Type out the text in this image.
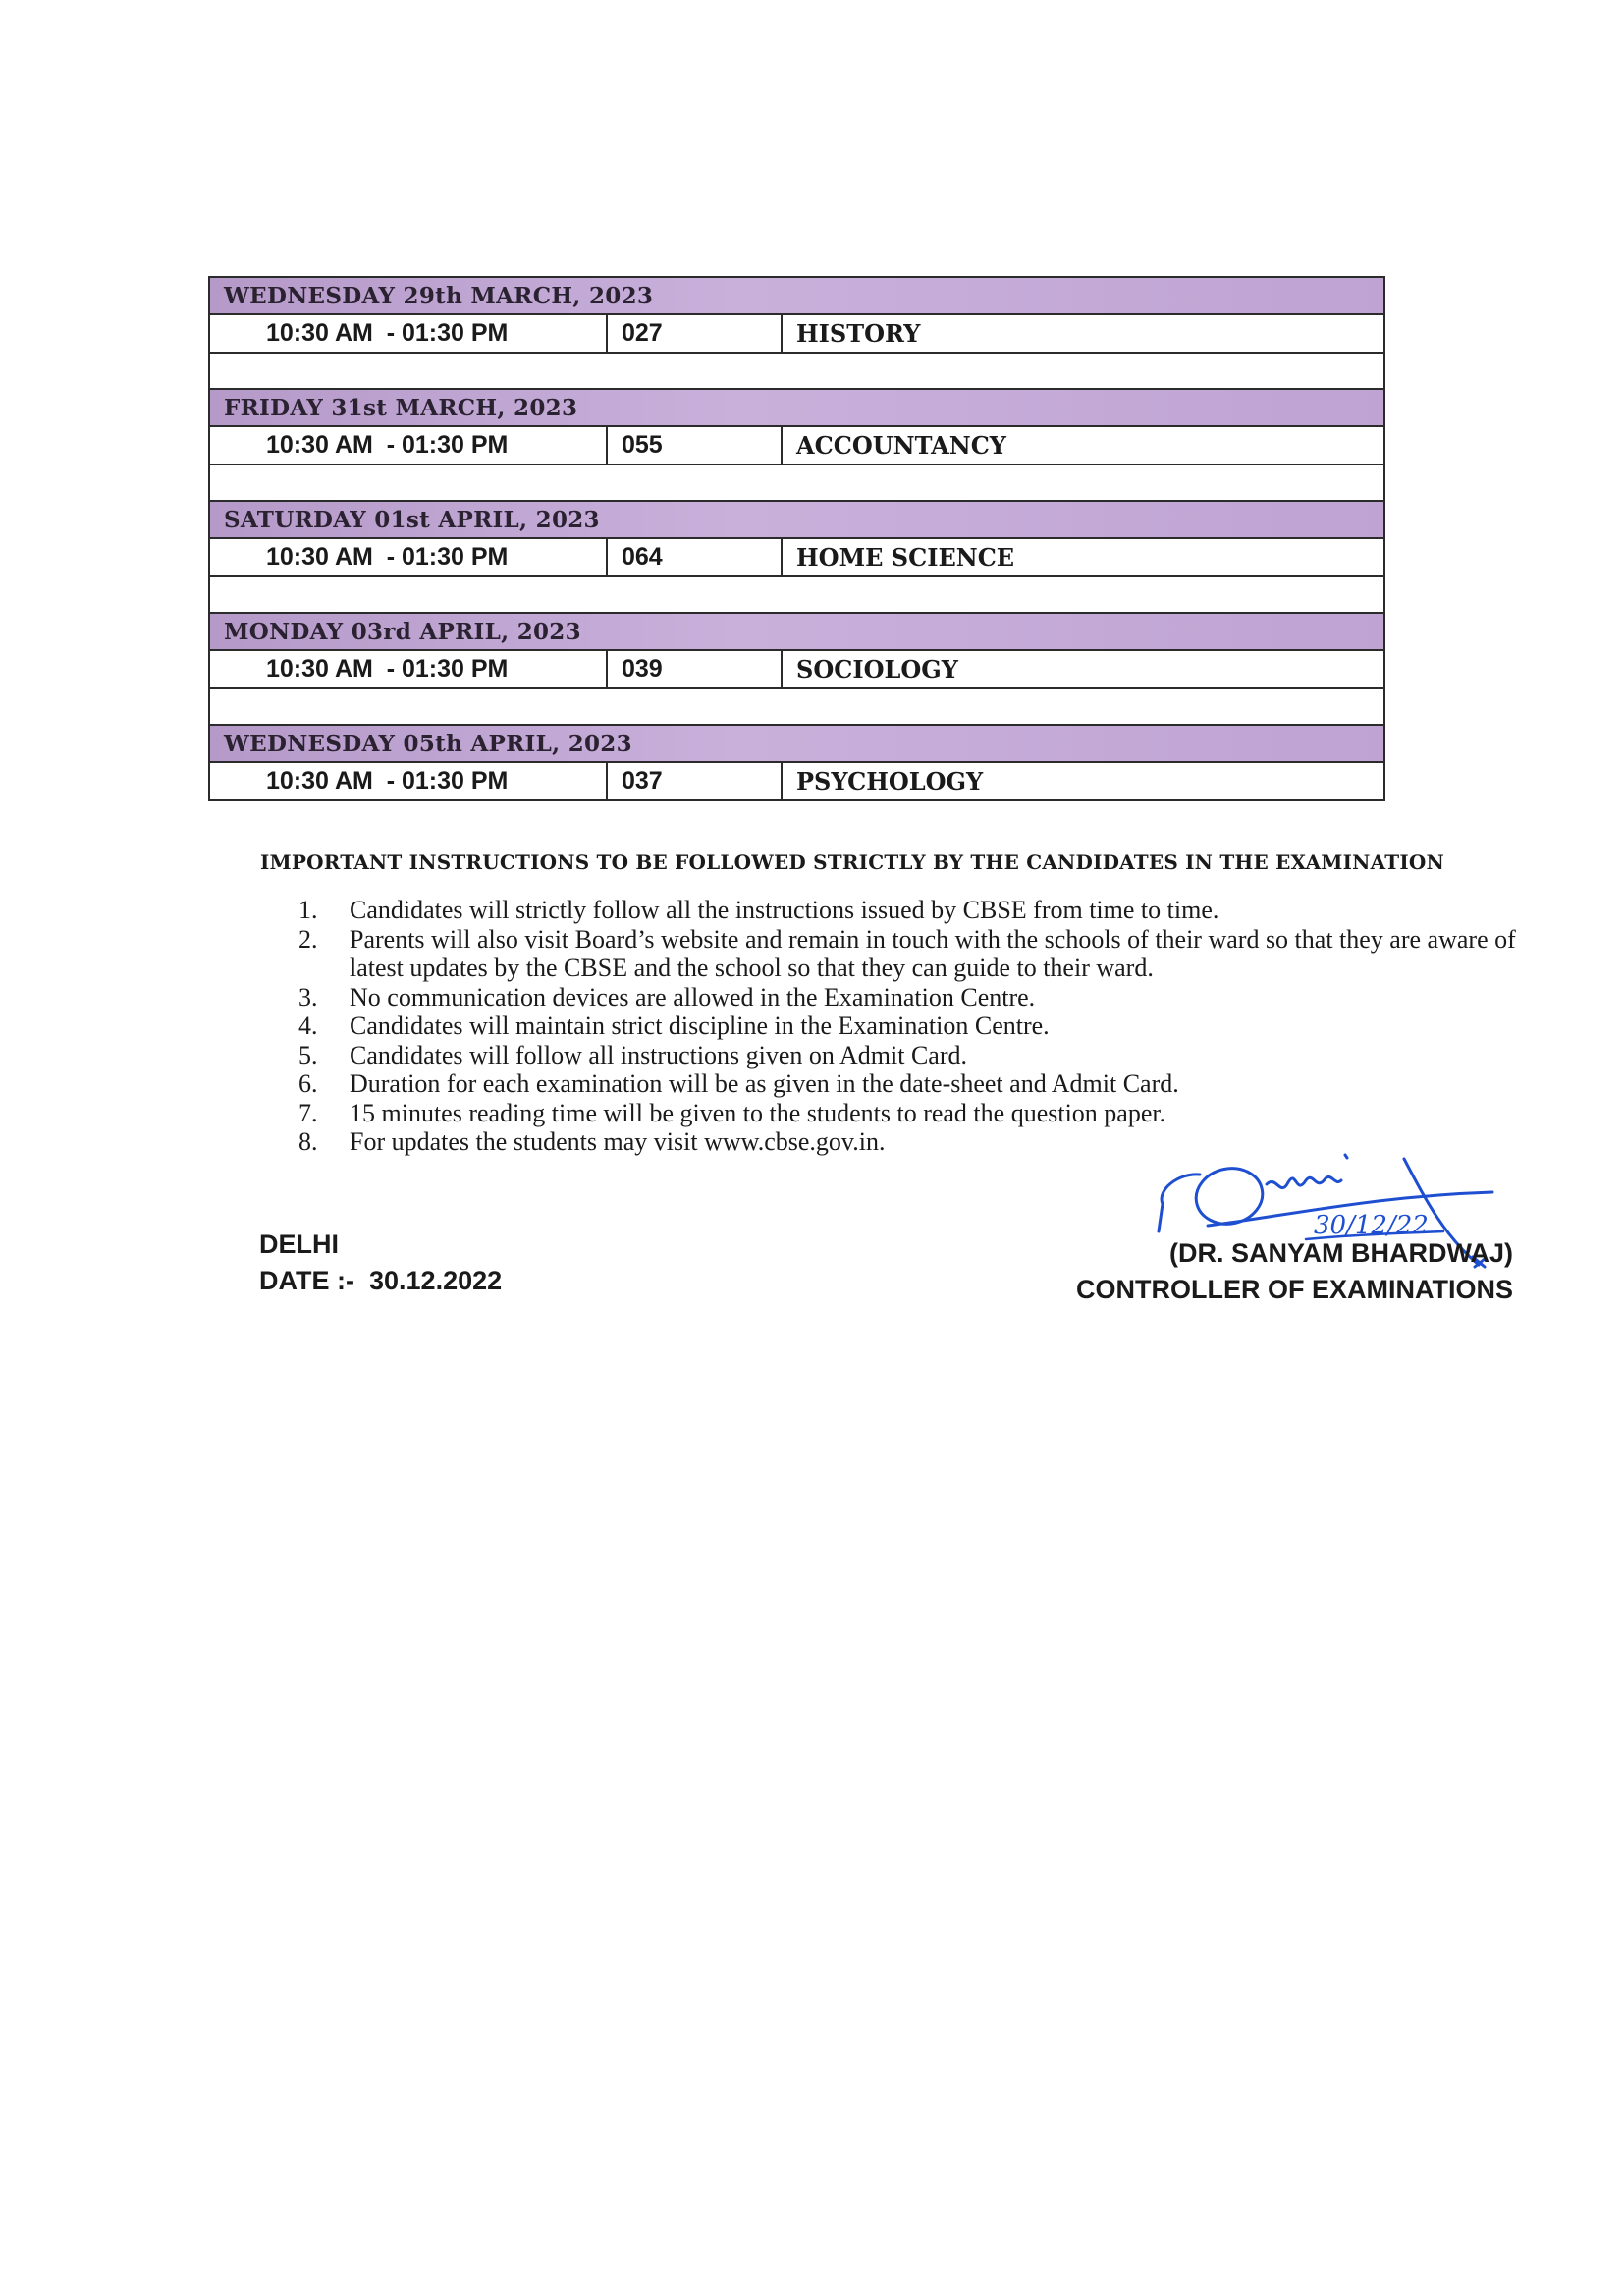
WEDNESDAY 29th MARCH, 2023		
10:30 AM  - 01:30 PM	027	HISTORY

FRIDAY 31st MARCH, 2023		
10:30 AM  - 01:30 PM	055	ACCOUNTANCY

SATURDAY 01st APRIL, 2023		
10:30 AM  - 01:30 PM	064	HOME SCIENCE

MONDAY 03rd APRIL, 2023		
10:30 AM  - 01:30 PM	039	SOCIOLOGY

WEDNESDAY 05th APRIL, 2023		
10:30 AM  - 01:30 PM	037	PSYCHOLOGY
IMPORTANT INSTRUCTIONS TO BE FOLLOWED STRICTLY BY THE CANDIDATES IN THE EXAMINATION
1. Candidates will strictly follow all the instructions issued by CBSE from time to time.
2. Parents will also visit Board’s website and remain in touch with the schools of their ward so that they are aware of latest updates by the CBSE and the school so that they can guide to their ward.
3. No communication devices are allowed in the Examination Centre.
4. Candidates will maintain strict discipline in the Examination Centre.
5. Candidates will follow all instructions given on Admit Card.
6. Duration for each examination will be as given in the date-sheet and Admit Card.
7. 15 minutes reading time will be given to the students to read the question paper.
8. For updates the students may visit www.cbse.gov.in.
DELHI
DATE :- 30.12.2022
30/12/22
(DR. SANYAM BHARDWAJ)
CONTROLLER OF EXAMINATIONS
